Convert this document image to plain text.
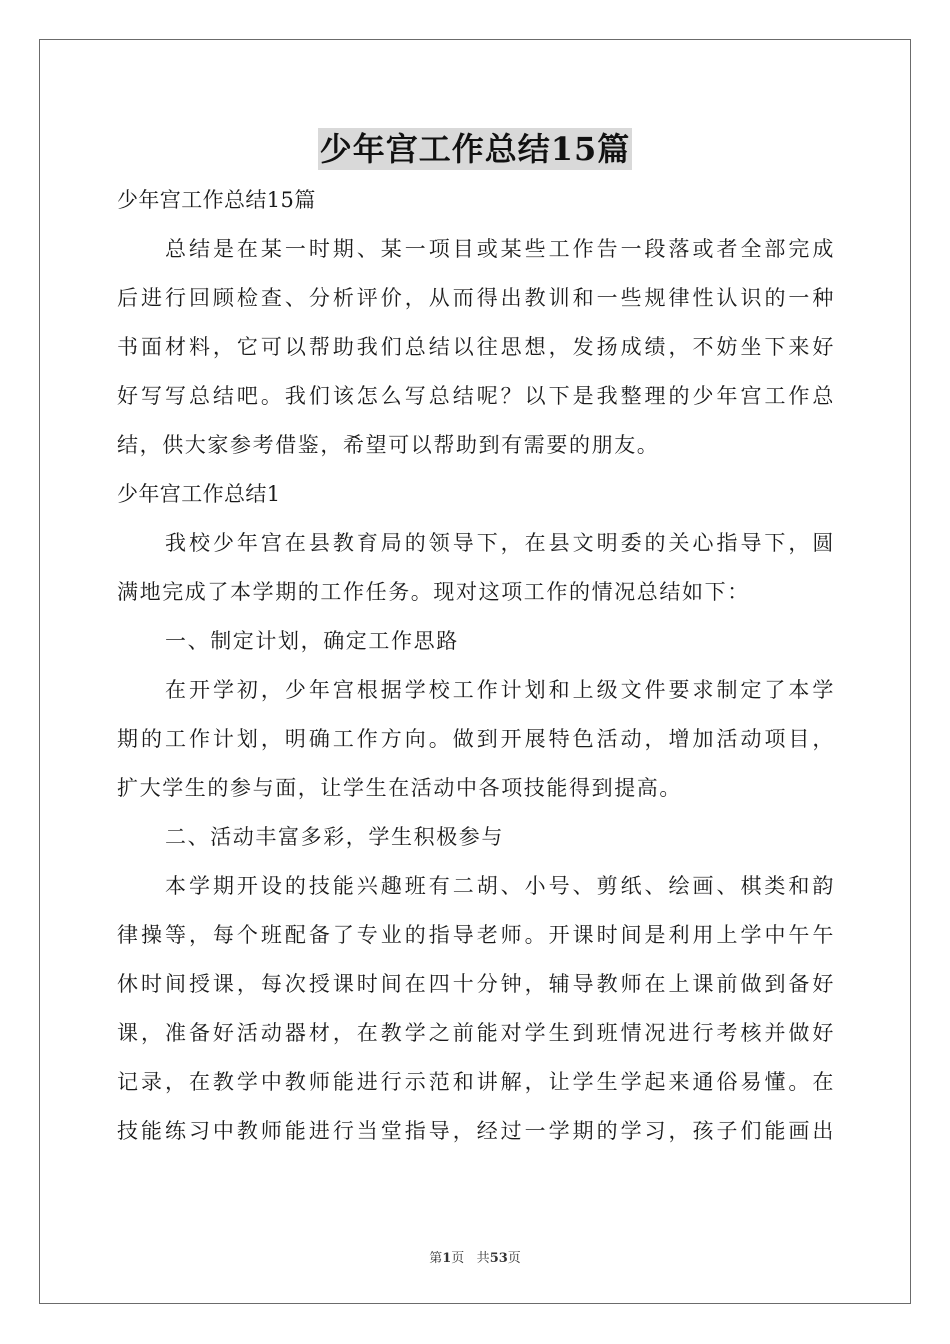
少年宫工作总结15篇
少年宫工作总结15篇
总结是在某一时期、某一项目或某些工作告一段落或者全部完成
后进行回顾检查、分析评价，从而得出教训和一些规律性认识的一种
书面材料，它可以帮助我们总结以往思想，发扬成绩，不妨坐下来好
好写写总结吧。我们该怎么写总结呢？以下是我整理的少年宫工作总
结，供大家参考借鉴，希望可以帮助到有需要的朋友。
少年宫工作总结1
我校少年宫在县教育局的领导下，在县文明委的关心指导下，圆
满地完成了本学期的工作任务。现对这项工作的情况总结如下：
一、制定计划，确定工作思路
在开学初，少年宫根据学校工作计划和上级文件要求制定了本学
期的工作计划，明确工作方向。做到开展特色活动，增加活动项目，
扩大学生的参与面，让学生在活动中各项技能得到提高。
二、活动丰富多彩，学生积极参与
本学期开设的技能兴趣班有二胡、小号、剪纸、绘画、棋类和韵
律操等，每个班配备了专业的指导老师。开课时间是利用上学中午午
休时间授课，每次授课时间在四十分钟，辅导教师在上课前做到备好
课，准备好活动器材，在教学之前能对学生到班情况进行考核并做好
记录，在教学中教师能进行示范和讲解，让学生学起来通俗易懂。在
技能练习中教师能进行当堂指导，经过一学期的学习，孩子们能画出
第1页 共53页
